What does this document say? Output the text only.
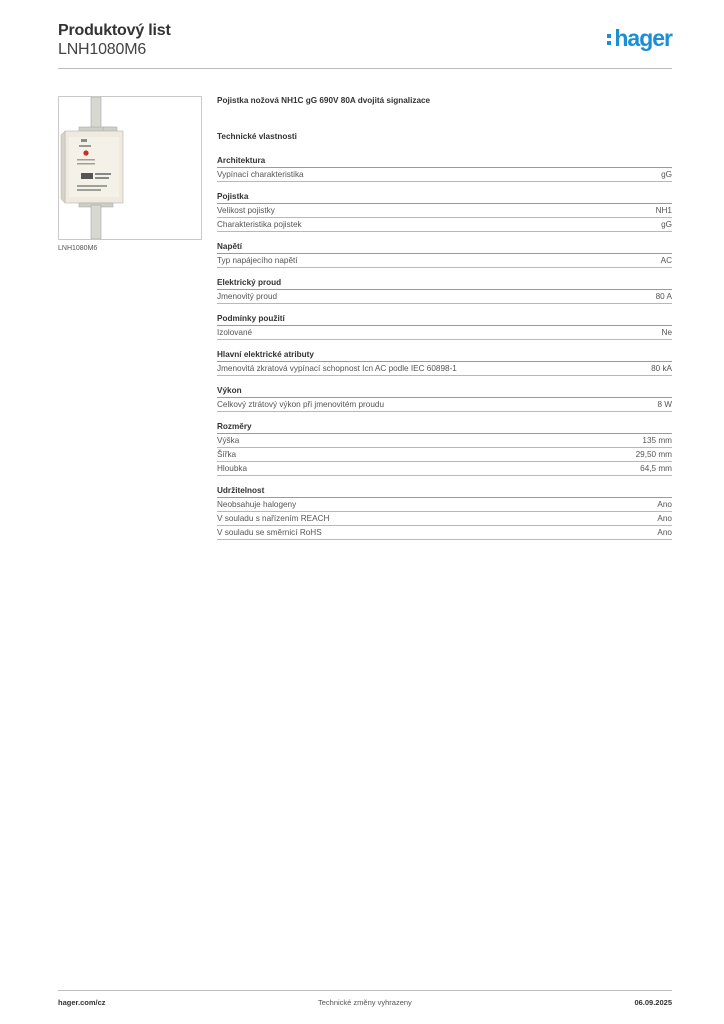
Produktový list
LNH1080M6	hager
LNH1080M6
Pojistka nožová NH1C gG 690V 80A dvojitá signalizace
Technické vlastnosti
Architektura
Vypínací charakteristika	gG
Pojistka
Velikost pojistky	NH1
Charakteristika pojistek	gG
Napětí
Typ napájecího napětí	AC
Elektrický proud
Jmenovitý proud	80 A
Podmínky použití
Izolované	Ne
Hlavní elektrické atributy
Jmenovitá zkratová vypínací schopnost Icn AC podle IEC 60898-1	80 kA
Výkon
Celkový ztrátový výkon při jmenovitém proudu	8 W
Rozměry
Výška	135 mm
Šířka	29,50 mm
Hloubka	64,5 mm
Udržitelnost
Neobsahuje halogeny	Ano
V souladu s nařízením REACH	Ano
V souladu se směrnicí RoHS	Ano
hager.com/cz	Technické změny vyhrazeny	06.09.2025
